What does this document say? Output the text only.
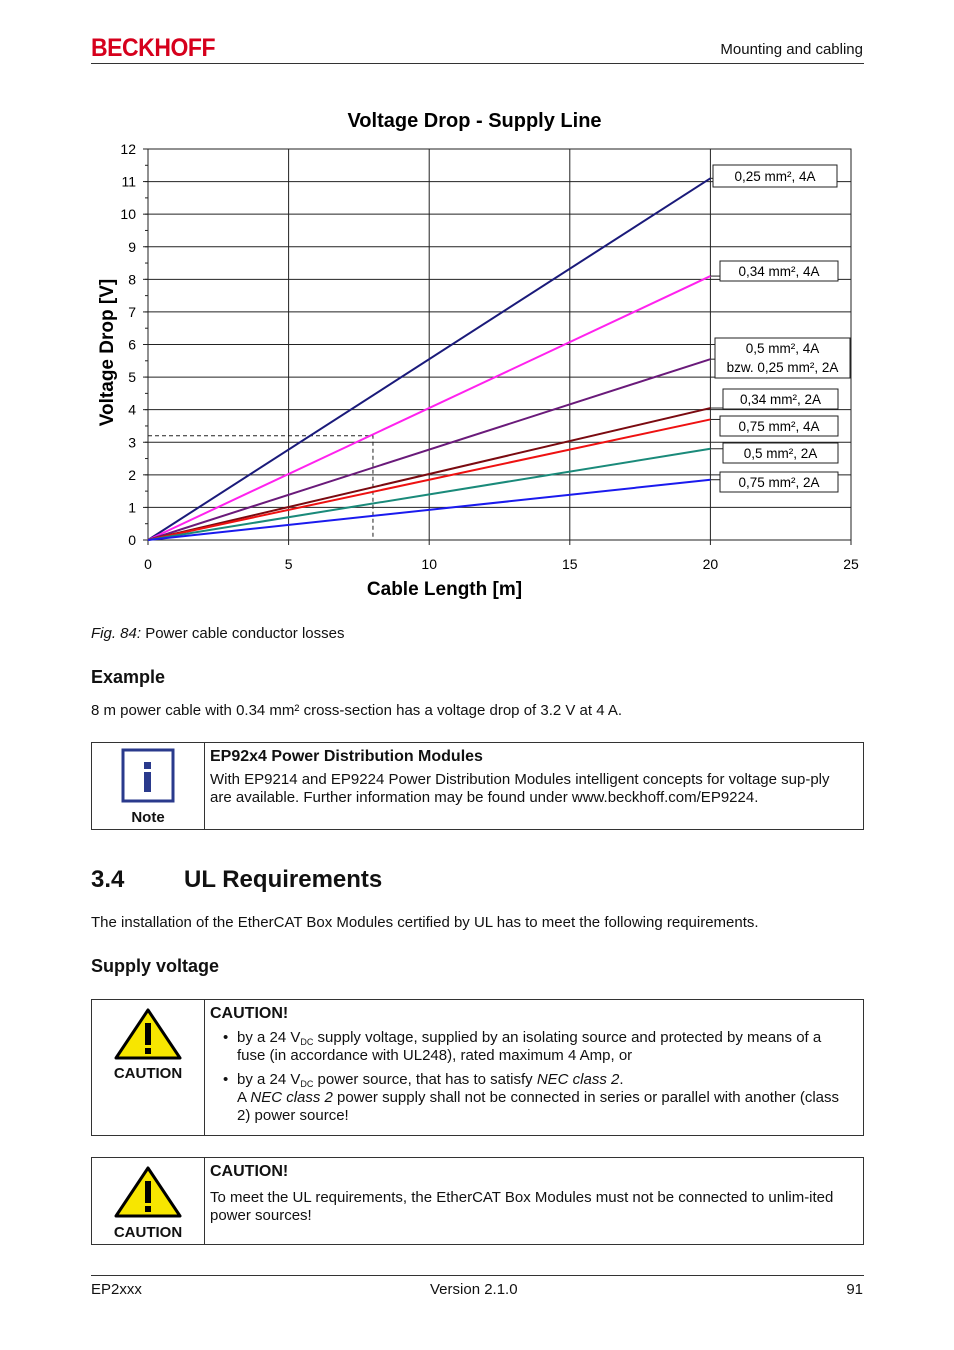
BECKHOFF	Mounting and cabling
Voltage Drop - Supply Line
0
1
2
3
4
5
6
7
8
9
10
11
12
0	5	10	15	20	25
Cable Length [m]
Voltage Drop [V]
0,25 mm², 4A
0,34 mm², 4A
0,5 mm², 4A
bzw. 0,25 mm², 2A
0,34 mm², 2A
0,75 mm², 4A
0,5 mm², 2A
0,75 mm², 2A
Fig. 84: Power cable conductor losses
Example
8 m power cable with 0.34 mm² cross-section has a voltage drop of 3.2 V at 4 A.
Note
EP92x4 Power Distribution Modules
With EP9214 and EP9224 Power Distribution Modules intelligent concepts for voltage sup-ply are available. Further information may be found under www.beckhoff.com/EP9224.
3.4 UL Requirements
The installation of the EtherCAT Box Modules certified by UL has to meet the following requirements.
Supply voltage
CAUTION
CAUTION!
• by a 24 $V_{DC}$ supply voltage, supplied by an isolating source and protected by means of a fuse (in accordance with UL248), rated maximum 4 Amp, or
• by a 24 $V_{DC}$ power source, that has to satisfy NEC class 2.
A NEC class 2 power supply shall not be connected in series or parallel with another (class 2) power source!
CAUTION
CAUTION!
To meet the UL requirements, the EtherCAT Box Modules must not be connected to unlim-ited power sources!
EP2xxx	Version 2.1.0	91
